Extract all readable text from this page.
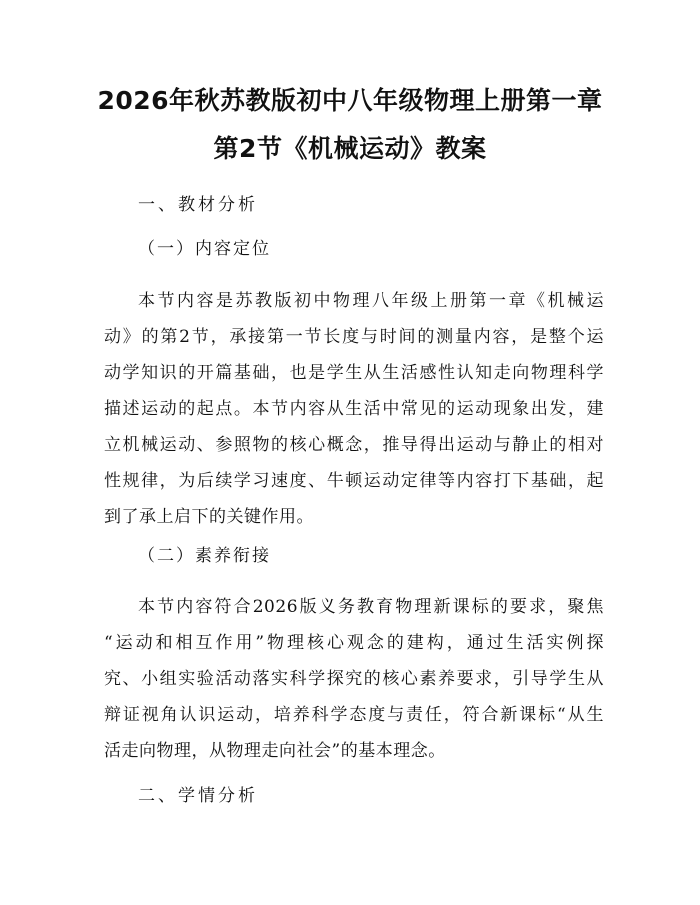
2026年秋苏教版初中八年级物理上册第一章
第2节《机械运动》教案
一、教材分析
（一）内容定位
本节内容是苏教版初中物理八年级上册第一章《机械运
动》的第2节，承接第一节长度与时间的测量内容，是整个运
动学知识的开篇基础，也是学生从生活感性认知走向物理科学
描述运动的起点。本节内容从生活中常见的运动现象出发，建
立机械运动、参照物的核心概念，推导得出运动与静止的相对
性规律，为后续学习速度、牛顿运动定律等内容打下基础，起
到了承上启下的关键作用。
（二）素养衔接
本节内容符合2026版义务教育物理新课标的要求，聚焦
“运动和相互作用”物理核心观念的建构，通过生活实例探
究、小组实验活动落实科学探究的核心素养要求，引导学生从
辩证视角认识运动，培养科学态度与责任，符合新课标“从生
活走向物理，从物理走向社会”的基本理念。
二、学情分析
